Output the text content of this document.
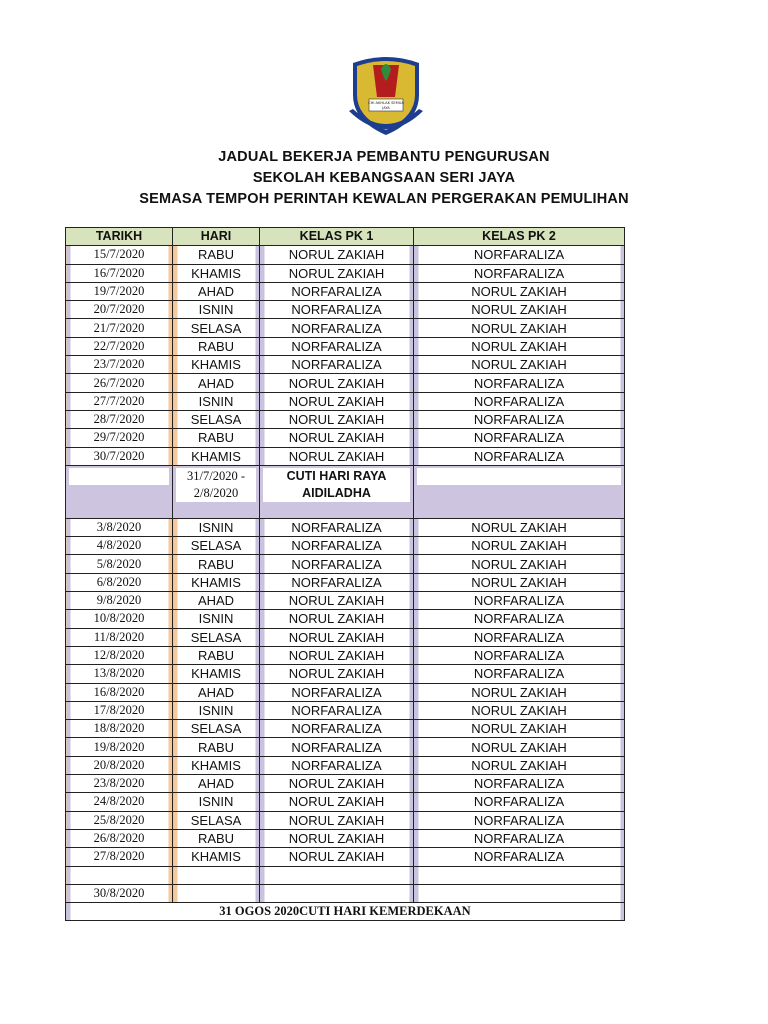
CHI AKHLAK SEMUA
JAYA
JADUAL BEKERJA PEMBANTU PENGURUSAN
SEKOLAH KEBANGSAAN SERI JAYA
SEMASA TEMPOH PERINTAH KEWALAN PERGERAKAN PEMULIHAN
TARIKH	HARI	KELAS PK 1	KELAS PK 2
15/7/2020	RABU	NORUL ZAKIAH	NORFARALIZA
16/7/2020	KHAMIS	NORUL ZAKIAH	NORFARALIZA
19/7/2020	AHAD	NORFARALIZA	NORUL ZAKIAH
20/7/2020	ISNIN	NORFARALIZA	NORUL ZAKIAH
21/7/2020	SELASA	NORFARALIZA	NORUL ZAKIAH
22/7/2020	RABU	NORFARALIZA	NORUL ZAKIAH
23/7/2020	KHAMIS	NORFARALIZA	NORUL ZAKIAH
26/7/2020	AHAD	NORUL ZAKIAH	NORFARALIZA
27/7/2020	ISNIN	NORUL ZAKIAH	NORFARALIZA
28/7/2020	SELASA	NORUL ZAKIAH	NORFARALIZA
29/7/2020	RABU	NORUL ZAKIAH	NORFARALIZA
30/7/2020	KHAMIS	NORUL ZAKIAH	NORFARALIZA

	31/7/2020 - 2/8/2020	CUTI HARI RAYA AIDILADHA	

3/8/2020	ISNIN	NORFARALIZA	NORUL ZAKIAH
4/8/2020	SELASA	NORFARALIZA	NORUL ZAKIAH
5/8/2020	RABU	NORFARALIZA	NORUL ZAKIAH
6/8/2020	KHAMIS	NORFARALIZA	NORUL ZAKIAH
9/8/2020	AHAD	NORUL ZAKIAH	NORFARALIZA
10/8/2020	ISNIN	NORUL ZAKIAH	NORFARALIZA
11/8/2020	SELASA	NORUL ZAKIAH	NORFARALIZA
12/8/2020	RABU	NORUL ZAKIAH	NORFARALIZA
13/8/2020	KHAMIS	NORUL ZAKIAH	NORFARALIZA
16/8/2020	AHAD	NORFARALIZA	NORUL ZAKIAH
17/8/2020	ISNIN	NORFARALIZA	NORUL ZAKIAH
18/8/2020	SELASA	NORFARALIZA	NORUL ZAKIAH
19/8/2020	RABU	NORFARALIZA	NORUL ZAKIAH
20/8/2020	KHAMIS	NORFARALIZA	NORUL ZAKIAH
23/8/2020	AHAD	NORUL ZAKIAH	NORFARALIZA
24/8/2020	ISNIN	NORUL ZAKIAH	NORFARALIZA
25/8/2020	SELASA	NORUL ZAKIAH	NORFARALIZA
26/8/2020	RABU	NORUL ZAKIAH	NORFARALIZA
27/8/2020	KHAMIS	NORUL ZAKIAH	NORFARALIZA

30/8/2020			
31 OGOS 2020CUTI HARI KEMERDEKAAN			
